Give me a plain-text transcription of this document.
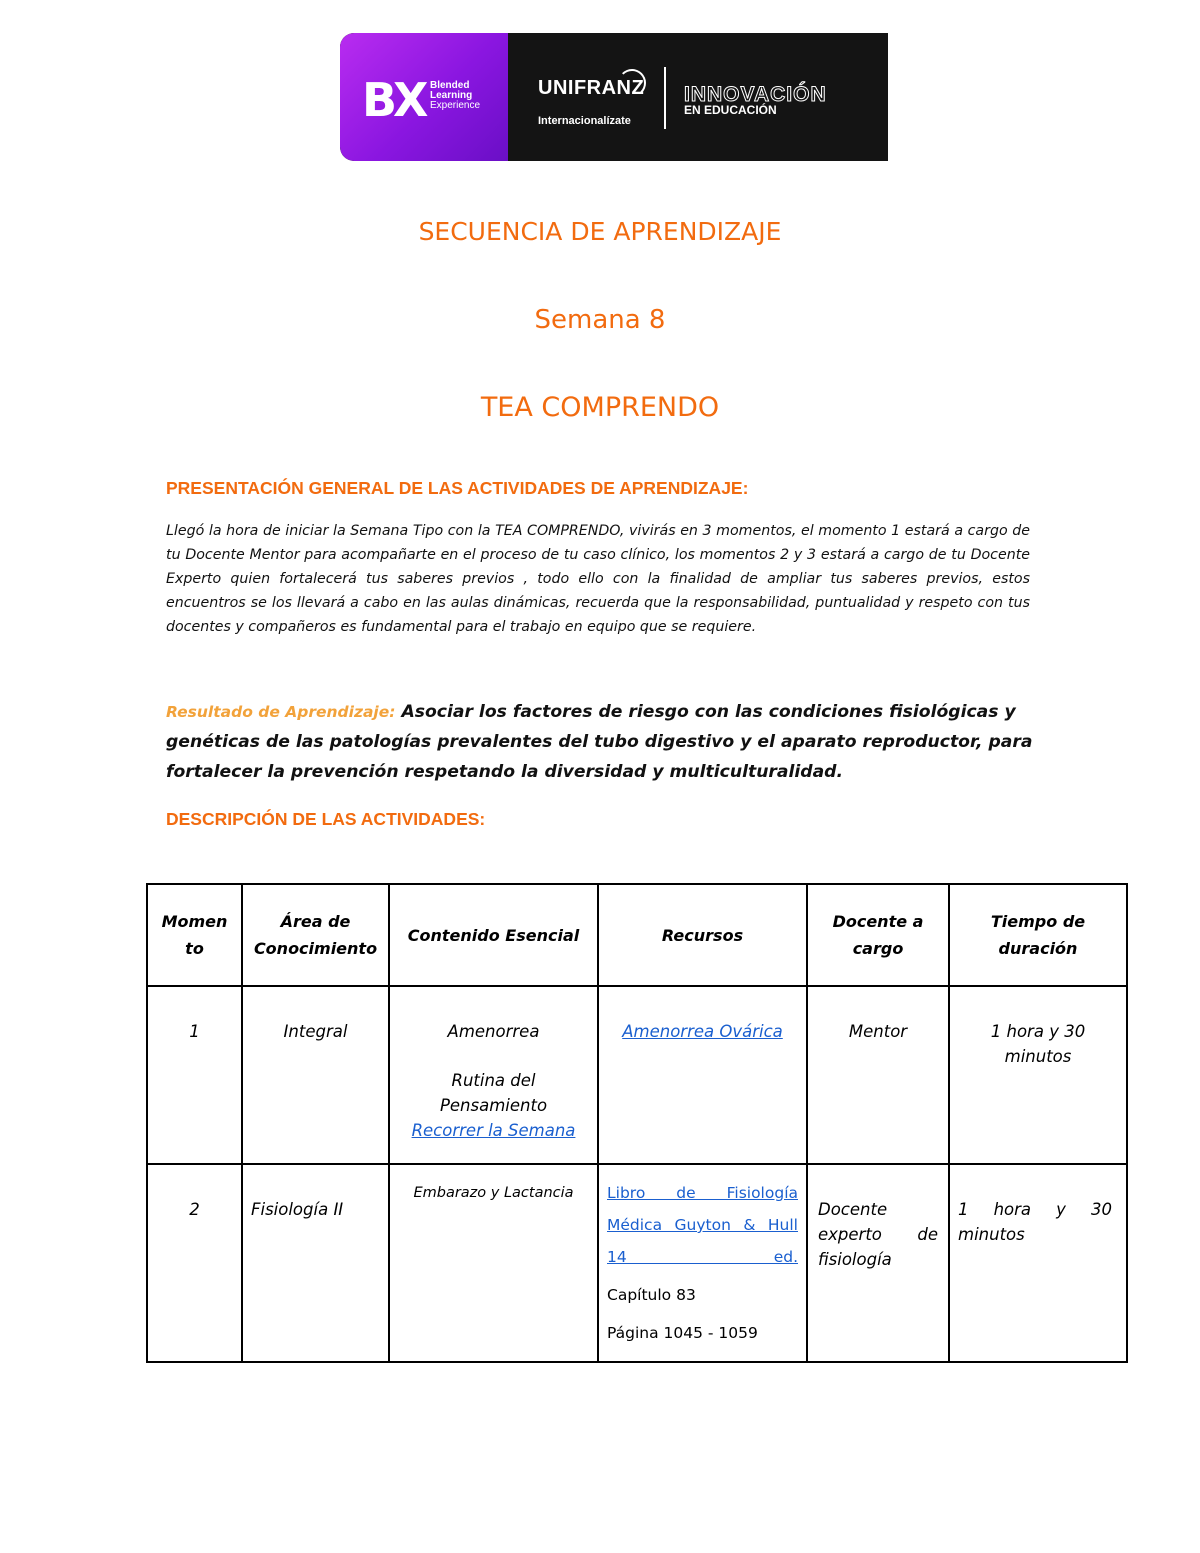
BX Blended
Learning
Experience
UNIFRANZ
Internacionalízate
INNOVACIÓN
EN EDUCACIÓN
SECUENCIA DE APRENDIZAJE
Semana 8
TEA COMPRENDO
PRESENTACIÓN GENERAL DE LAS ACTIVIDADES DE APRENDIZAJE:
Llegó la hora de iniciar la Semana Tipo con la TEA COMPRENDO, vivirás en 3 momentos, el momento 1 estará a cargo de tu Docente Mentor para acompañarte en el proceso de tu caso clínico, los momentos 2 y 3 estará a cargo de tu Docente Experto quien fortalecerá tus saberes previos , todo ello con la finalidad de ampliar tus saberes previos, estos encuentros se los llevará a cabo en las aulas dinámicas, recuerda que la responsabilidad, puntualidad y respeto con tus docentes y compañeros es fundamental para el trabajo en equipo que se requiere.
Resultado de Aprendizaje: Asociar los factores de riesgo con las condiciones fisiológicas y genéticas de las patologías prevalentes del tubo digestivo y el aparato reproductor, para fortalecer la prevención respetando la diversidad y multiculturalidad.
DESCRIPCIÓN DE LAS ACTIVIDADES:
Momen to	Área de Conocimiento	Contenido Esencial	Recursos	Docente a cargo	Tiempo de duración

1	Integral	Amenorrea

Rutina del Pensamiento

Recorrer la Semana	Amenorrea Ovárica	Mentor	1 hora y 30 minutos

2	Fisiología II	Embarazo y Lactancia	Libro de Fisiología Médica Guyton & Hull 14 ed.

Capítulo 83

Página 1045 - 1059	Docente experto de fisiología	1 hora y 30 minutos
